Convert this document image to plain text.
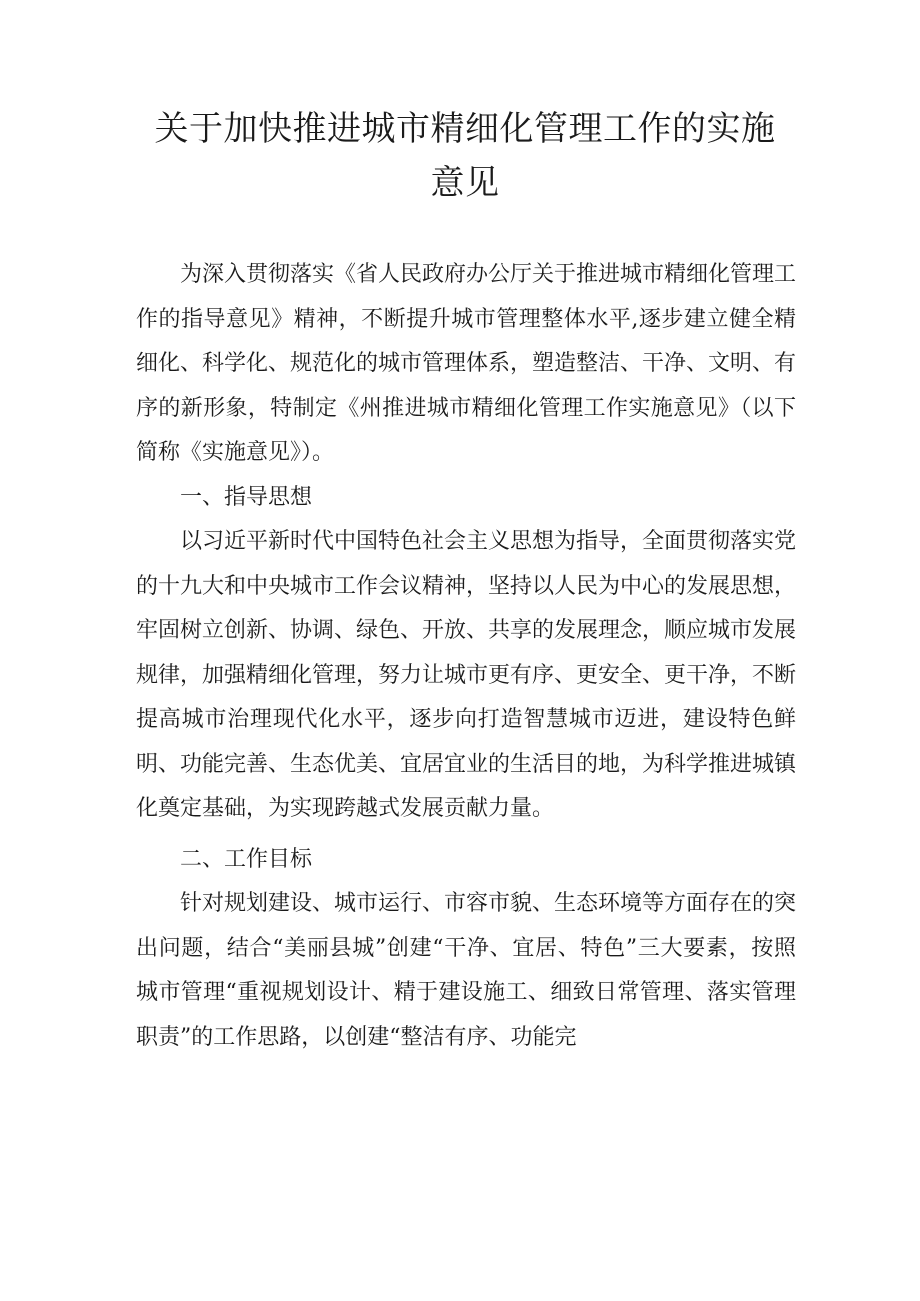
关于加快推进城市精细化管理工作的实施
意见

为深入贯彻落实《省人民政府办公厅关于推进城市精细化管理工作的指导意见》精神，不断提升城市管理整体水平,逐步建立健全精细化、科学化、规范化的城市管理体系，塑造整洁、干净、文明、有序的新形象，特制定《州推进城市精细化管理工作实施意见》（以下简称《实施意见》）。

一、指导思想

以习近平新时代中国特色社会主义思想为指导，全面贯彻落实党的十九大和中央城市工作会议精神，坚持以人民为中心的发展思想，牢固树立创新、协调、绿色、开放、共享的发展理念，顺应城市发展规律，加强精细化管理，努力让城市更有序、更安全、更干净，不断提高城市治理现代化水平，逐步向打造智慧城市迈进，建设特色鲜明、功能完善、生态优美、宜居宜业的生活目的地，为科学推进城镇化奠定基础，为实现跨越式发展贡献力量。

二、工作目标

针对规划建设、城市运行、市容市貌、生态环境等方面存在的突出问题，结合“美丽县城”创建“干净、宜居、特色”三大要素，按照城市管理“重视规划设计、精于建设施工、细致日常管理、落实管理职责”的工作思路，以创建“整洁有序、功能完
